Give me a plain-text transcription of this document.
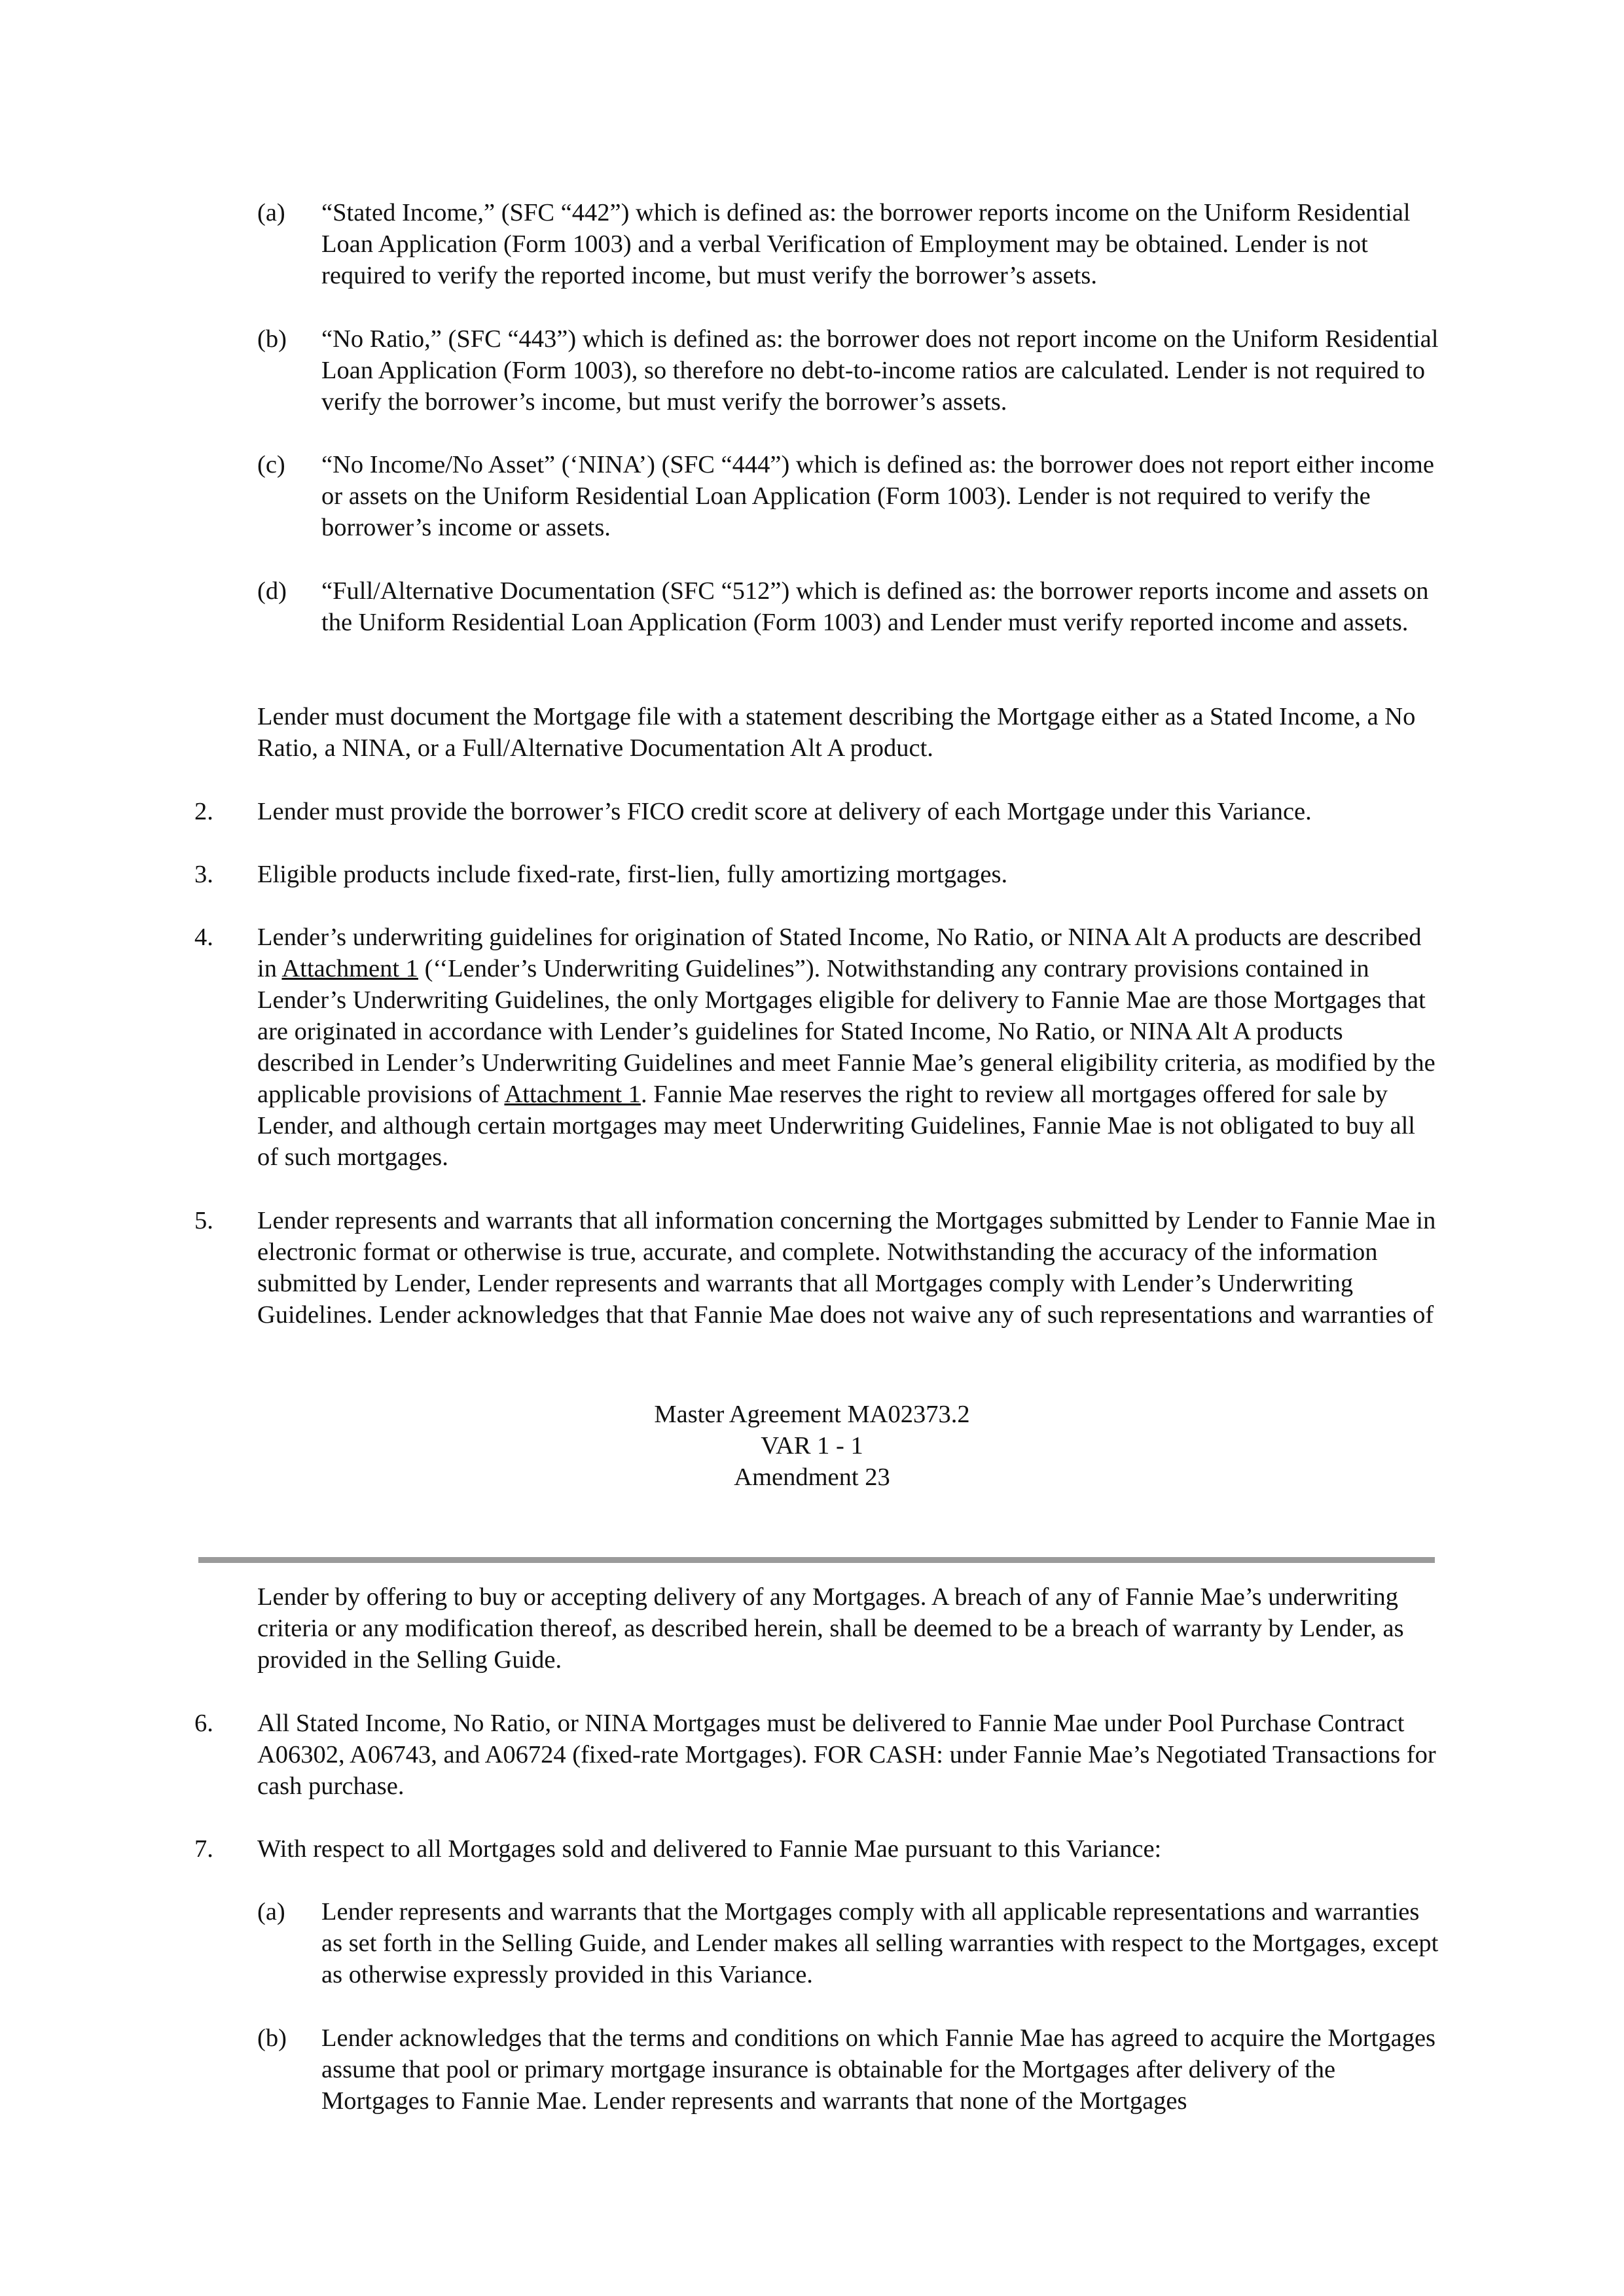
(a) “Stated Income,” (SFC “442”) which is defined as: the borrower reports income on the Uniform Residential Loan Application (Form 1003) and a verbal Verification of Employment may be obtained. Lender is not required to verify the reported income, but must verify the borrower’s assets.
(b) “No Ratio,” (SFC “443”) which is defined as: the borrower does not report income on the Uniform Residential Loan Application (Form 1003), so therefore no debt-to-income ratios are calculated. Lender is not required to verify the borrower’s income, but must verify the borrower’s assets.
(c) “No Income/No Asset” (‘NINA’) (SFC “444”) which is defined as: the borrower does not report either income or assets on the Uniform Residential Loan Application (Form 1003). Lender is not required to verify the borrower’s income or assets.
(d) “Full/Alternative Documentation (SFC “512”) which is defined as: the borrower reports income and assets on the Uniform Residential Loan Application (Form 1003) and Lender must verify reported income and assets.
Lender must document the Mortgage file with a statement describing the Mortgage either as a Stated Income, a No Ratio, a NINA, or a Full/Alternative Documentation Alt A product.
2. Lender must provide the borrower’s FICO credit score at delivery of each Mortgage under this Variance.
3. Eligible products include fixed-rate, first-lien, fully amortizing mortgages.
4. Lender’s underwriting guidelines for origination of Stated Income, No Ratio, or NINA Alt A products are described in Attachment 1 (‘‘Lender’s Underwriting Guidelines”). Notwithstanding any contrary provisions contained in Lender’s Underwriting Guidelines, the only Mortgages eligible for delivery to Fannie Mae are those Mortgages that are originated in accordance with Lender’s guidelines for Stated Income, No Ratio, or NINA Alt A products described in Lender’s Underwriting Guidelines and meet Fannie Mae’s general eligibility criteria, as modified by the applicable provisions of Attachment 1. Fannie Mae reserves the right to review all mortgages offered for sale by Lender, and although certain mortgages may meet Underwriting Guidelines, Fannie Mae is not obligated to buy all of such mortgages.
5. Lender represents and warrants that all information concerning the Mortgages submitted by Lender to Fannie Mae in electronic format or otherwise is true, accurate, and complete. Notwithstanding the accuracy of the information submitted by Lender, Lender represents and warrants that all Mortgages comply with Lender’s Underwriting Guidelines. Lender acknowledges that that Fannie Mae does not waive any of such representations and warranties of
Master Agreement MA02373.2
VAR 1 - 1
Amendment 23
Lender by offering to buy or accepting delivery of any Mortgages. A breach of any of Fannie Mae’s underwriting criteria or any modification thereof, as described herein, shall be deemed to be a breach of warranty by Lender, as provided in the Selling Guide.
6. All Stated Income, No Ratio, or NINA Mortgages must be delivered to Fannie Mae under Pool Purchase Contract A06302, A06743, and A06724 (fixed-rate Mortgages). FOR CASH: under Fannie Mae’s Negotiated Transactions for cash purchase.
7. With respect to all Mortgages sold and delivered to Fannie Mae pursuant to this Variance:
(a) Lender represents and warrants that the Mortgages comply with all applicable representations and warranties as set forth in the Selling Guide, and Lender makes all selling warranties with respect to the Mortgages, except as otherwise expressly provided in this Variance.
(b) Lender acknowledges that the terms and conditions on which Fannie Mae has agreed to acquire the Mortgages assume that pool or primary mortgage insurance is obtainable for the Mortgages after delivery of the Mortgages to Fannie Mae. Lender represents and warrants that none of the Mortgages
